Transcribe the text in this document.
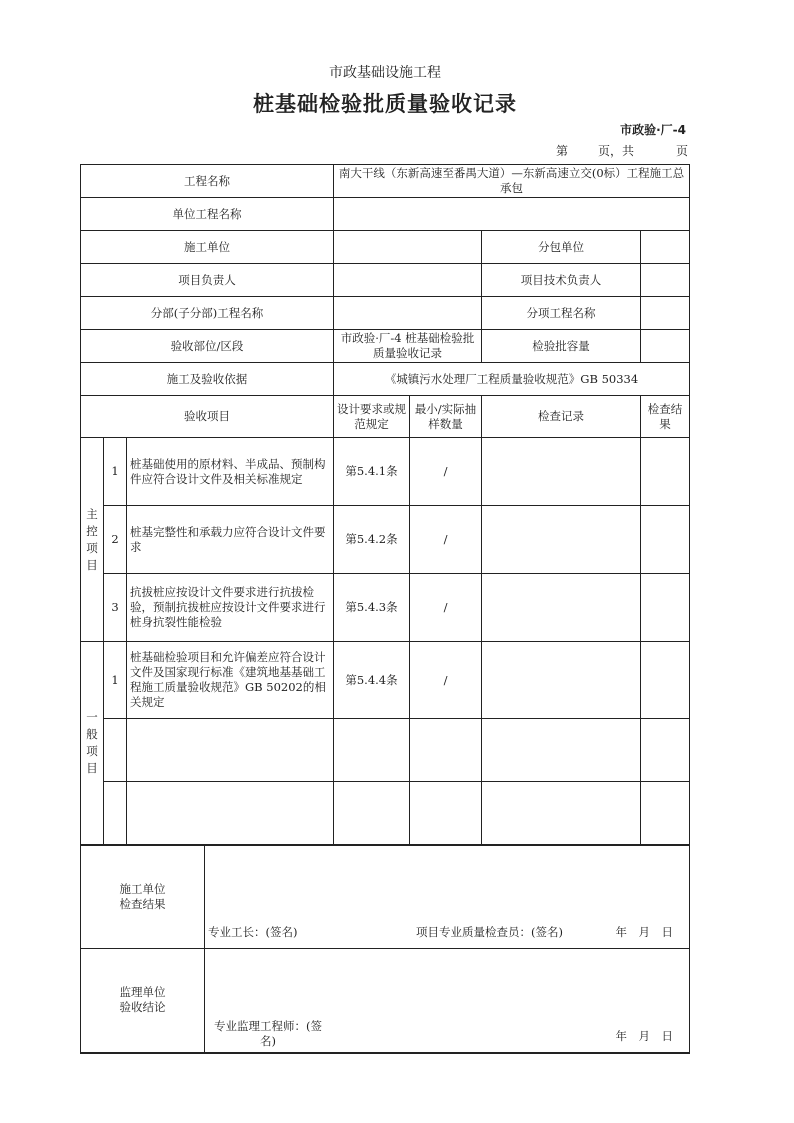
市政基础设施工程
桩基础检验批质量验收记录
市政验·厂-4
第 页，共	页
工程名称				南大干线（东新高速至番禺大道）—东新高速立交(0标）工程施工总承包			
单位工程名称							
施工单位						分包单位	
项目负责人						项目技术负责人	
分部(子分部)工程名称						分项工程名称	
验收部位/区段				市政验·厂-4 桩基础检验批质量验收记录		检验批容量	
施工及验收依据				《城镇污水处理厂工程质量验收规范》GB 50334			
验收项目				设计要求或规范规定	最小/实际抽样数量	检查记录	检查结果
主控项目	1	桩基础使用的原材料、半成品、预制构件应符合设计文件及相关标准规定		第5.4.1条	/		
	2	桩基完整性和承载力应符合设计文件要求		第5.4.2条	/		
	3	抗拔桩应按设计文件要求进行抗拔检验，预制抗拔桩应按设计文件要求进行桩身抗裂性能检验		第5.4.3条	/		
一般项目	1	桩基础检验项目和允许偏差应符合设计文件及国家现行标准《建筑地基基础工程施工质量验收规范》GB 50202的相关规定		第5.4.4条	/		

施工单位检查结果			专业工长：(签名) 项目专业质量检查员：(签名) 年　月　日				

监理单位验收结论			专业监理工程师：(签名) 年　月　日				
